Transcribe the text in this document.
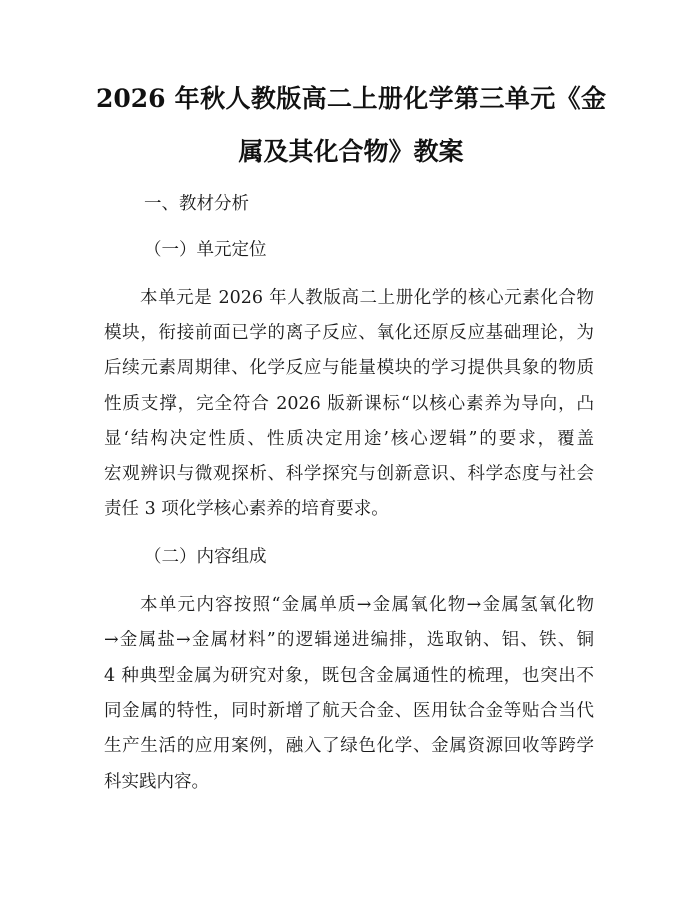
2026 年秋人教版高二上册化学第三单元《金
属及其化合物》教案
一、教材分析
（一）单元定位
本单元是 2026 年人教版高二上册化学的核心元素化合物
模块，衔接前面已学的离子反应、氧化还原反应基础理论，为
后续元素周期律、化学反应与能量模块的学习提供具象的物质
性质支撑，完全符合 2026 版新课标“以核心素养为导向，凸
显‘结构决定性质、性质决定用途’核心逻辑”的要求，覆盖
宏观辨识与微观探析、科学探究与创新意识、科学态度与社会
责任 3 项化学核心素养的培育要求。
（二）内容组成
本单元内容按照“金属单质→金属氧化物→金属氢氧化物
→金属盐→金属材料”的逻辑递进编排，选取钠、铝、铁、铜
4 种典型金属为研究对象，既包含金属通性的梳理，也突出不
同金属的特性，同时新增了航天合金、医用钛合金等贴合当代
生产生活的应用案例，融入了绿色化学、金属资源回收等跨学
科实践内容。
